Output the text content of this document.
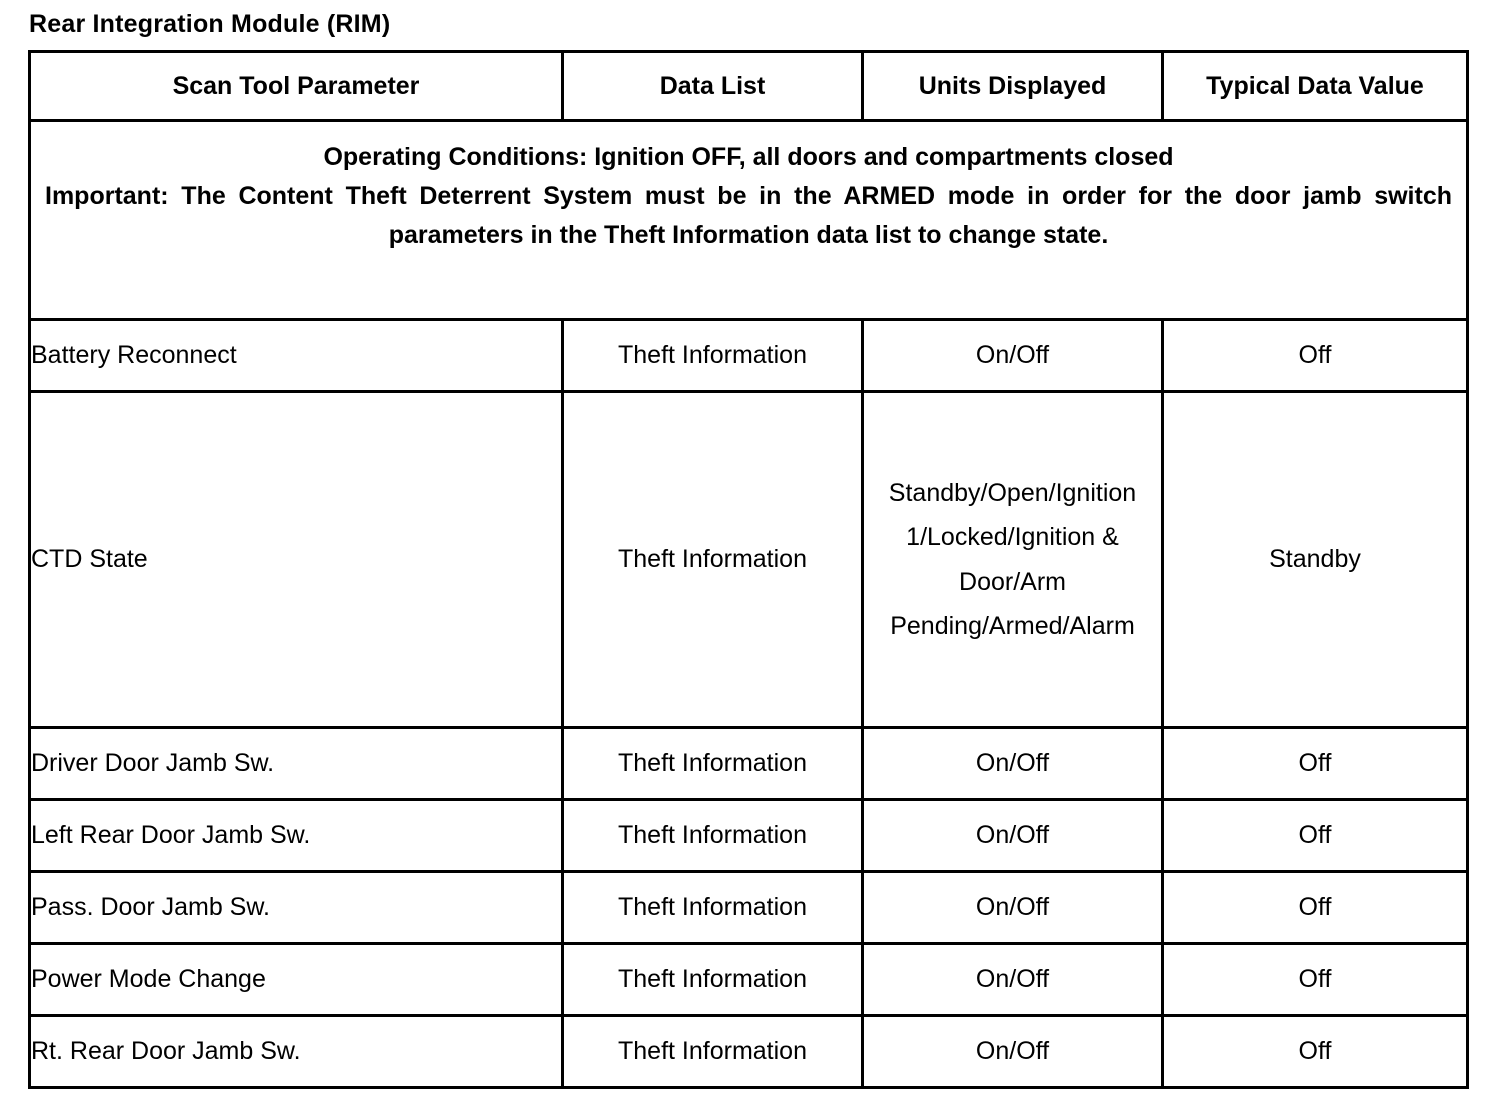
Rear Integration Module (RIM)
Scan Tool Parameter	Data List	Units Displayed	Typical Data Value

Operating Conditions: Ignition OFF, all doors and compartments closed
Important: The Content Theft Deterrent System must be in the ARMED mode in order for the door jamb switch parameters in the Theft Information data list to change state.			

Battery Reconnect	Theft Information	On/Off	Off
CTD State	Theft Information	Standby/Open/Ignition 1/Locked/Ignition & Door/Arm Pending/Armed/Alarm	Standby
Driver Door Jamb Sw.	Theft Information	On/Off	Off
Left Rear Door Jamb Sw.	Theft Information	On/Off	Off
Pass. Door Jamb Sw.	Theft Information	On/Off	Off
Power Mode Change	Theft Information	On/Off	Off
Rt. Rear Door Jamb Sw.	Theft Information	On/Off	Off
